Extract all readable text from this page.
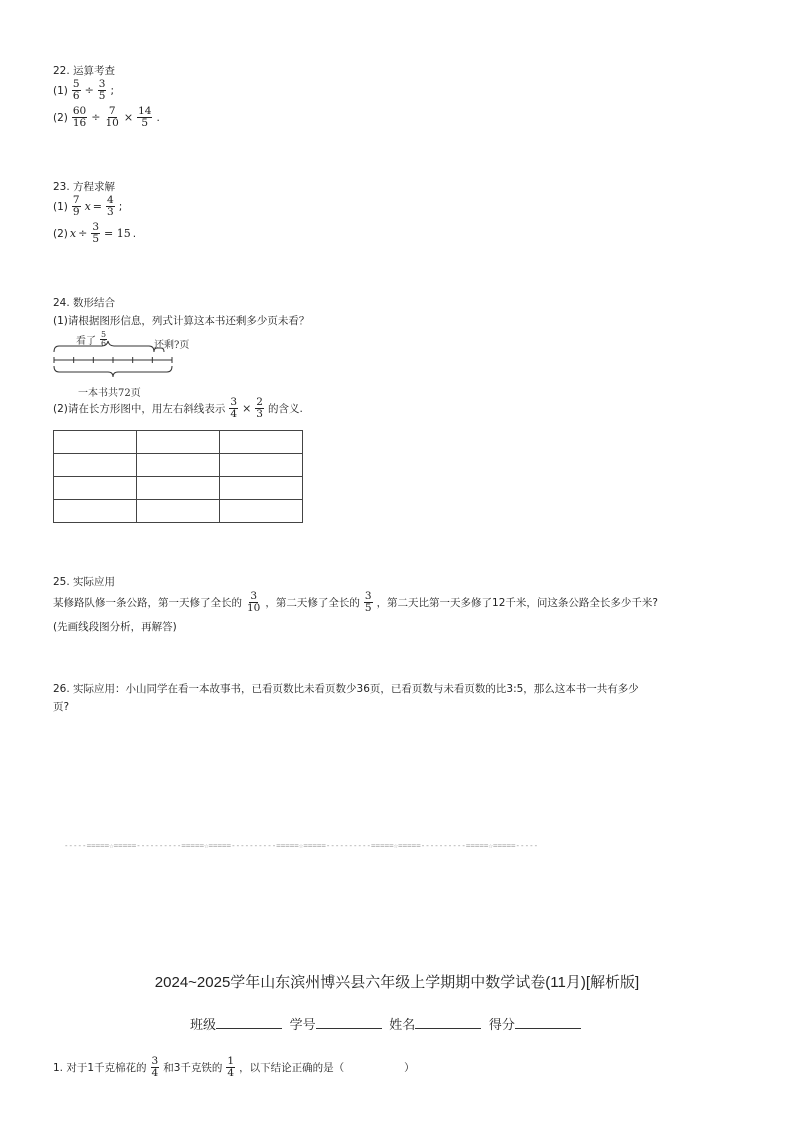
22. 运算考查
$(1) \frac{5}{6} \div \frac{3}{5}$ ;
$(2) \frac{60}{16} \div \frac{7}{10} \times \frac{14}{5}$ .
23. 方程求解
$(1) \frac{7}{9}$ $x = \frac{4}{3}$ ;
(2) $x \div \frac{3}{5} = 15$ .
24. 数形结合
(1)请根据图形信息，列式计算这本书还剩多少页未看？
看了 $\frac{5}{6}$	还剩?页
一本书共72页
(2)请在长方形图中，用左右斜线表示 $\frac{3}{4} \times \frac{2}{3}$ 的含义.

25. 实际应用
某修路队修一条公路，第一天修了全长的 $\frac{3}{10}$ ，第二天修了全长的 $\frac{3}{5}$ ，第二天比第一天多修了12千米，问这条公路全长多少千米?
(先画线段图分析，再解答)
26. 实际应用：小山同学在看一本故事书，已看页数比未看页数少36页，已看页数与未看页数的比3:5，那么这本书一共有多少
页?
-----=====☆=====----------=====☆=====----------=====☆=====----------=====☆=====----------=====☆=====-----
2024~2025学年山东滨州博兴县六年级上学期期中数学试卷(11月)[解析版]
班级	学号	姓名	得分
1. 对于1千克棉花的 $\frac{3}{4}$ 和3千克铁的 $\frac{1}{4}$ ，以下结论正确的是（	）
